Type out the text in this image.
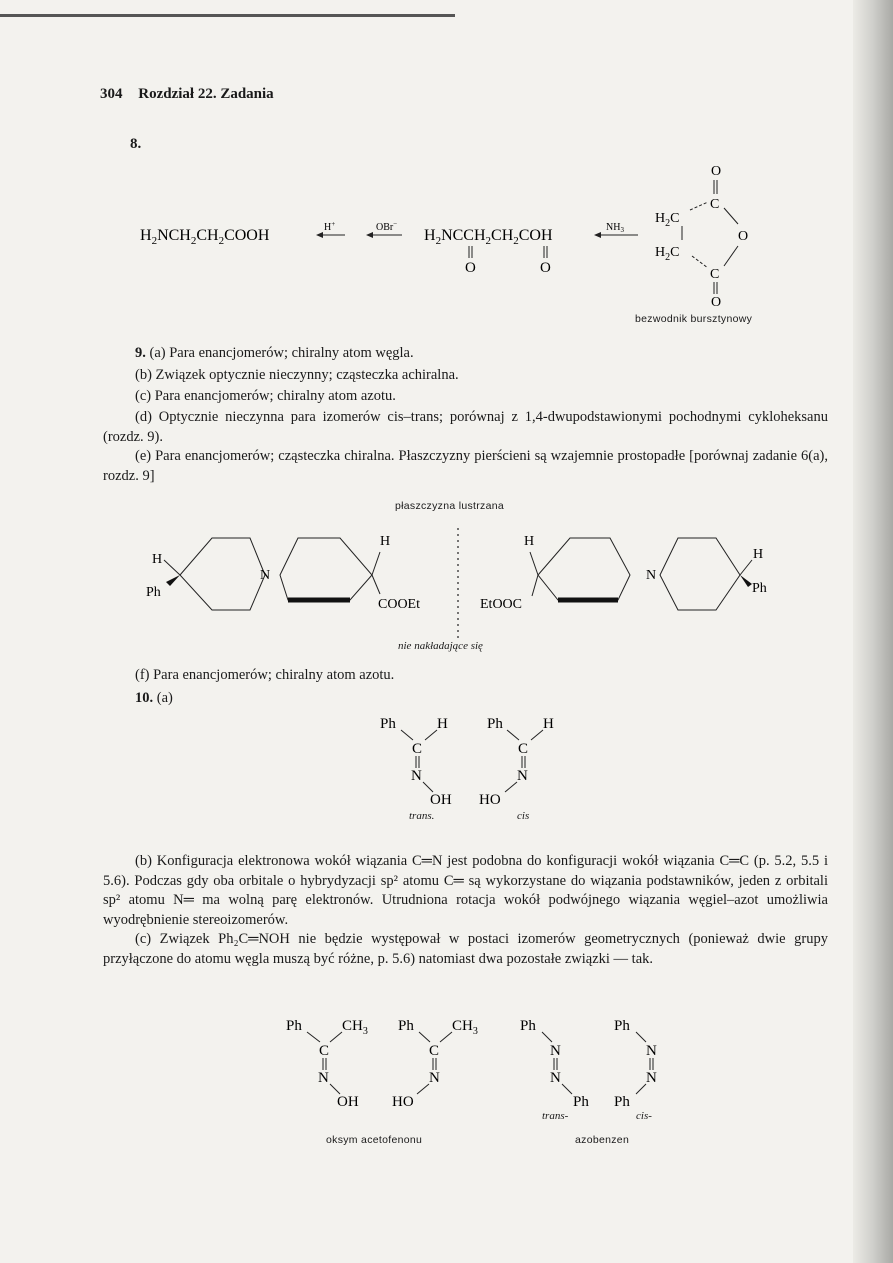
304 Rozdział 22. Zadania
8.
$H_2NCH_2CH_2COOH$	H+	OBr−
$H_2NCCH_2CH_2COH$
O	O
$NH_3$
O
C
$H_2C$
O
$H_2C$
C
O
bezwodnik bursztynowy
9. (a) Para enancjomerów; chiralny atom węgla.
(b) Związek optycznie nieczynny; cząsteczka achiralna.
(c) Para enancjomerów; chiralny atom azotu.
(d) Optycznie nieczynna para izomerów cis–trans; porównaj z 1,4-dwupodstawionymi pochodnymi cykloheksanu (rozdz. 9).
(e) Para enancjomerów; cząsteczka chiralna. Płaszczyzny pierścieni są wzajemnie prostopadłe [porównaj zadanie 6(a), rozdz. 9]
płaszczyzna lustrzana
N
H
Ph
H
COOEt
H
EtOOC
N
H
Ph
nie nakładające się
(f) Para enancjomerów; chiralny atom azotu.
10. (a)
Ph	H
C
N
OH
Ph	H
C
N
HO
trans.	cis
(b) Konfiguracja elektronowa wokół wiązania C═N jest podobna do konfiguracji wokół wiązania C═C (p. 5.2, 5.5 i 5.6). Podczas gdy oba orbitale o hybrydyzacji sp² atomu C═ są wykorzystane do wiązania podstawników, jeden z orbitali sp² atomu N═ ma wolną parę elektronów. Utrudniona rotacja wokół podwójnego wiązania węgiel–azot umożliwia wyodrębnienie stereoizomerów.
(c) Związek Ph₂C═NOH nie będzie występował w postaci izomerów geometrycznych (ponieważ dwie grupy przyłączone do atomu węgla muszą być różne, p. 5.6) natomiast dwa pozostałe związki — tak.
Ph	$CH_3$
C
N
OH
Ph	$CH_3$
C
N
HO
Ph
N
N
Ph
Ph
N
N
Ph
trans-	cis-
oksym acetofenonu	azobenzen
